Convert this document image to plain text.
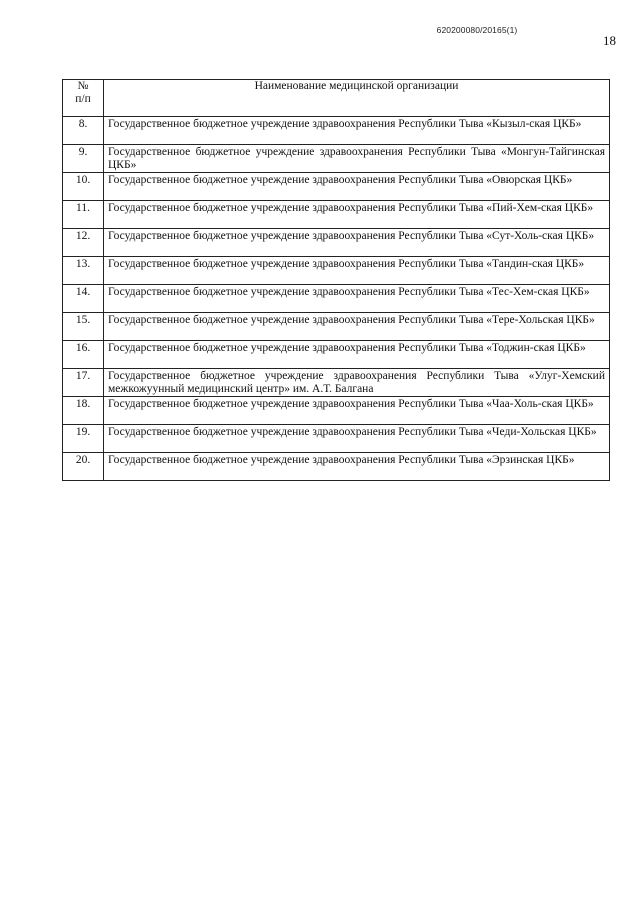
620200080/20165(1)
18
№
п/п	Наименование медицинской организации
8.	Государственное бюджетное учреждение здравоохранения Республики Тыва «Кызыл-ская ЦКБ»
9.	Государственное бюджетное учреждение здравоохранения Республики Тыва «Монгун-Тайгинская ЦКБ»
10.	Государственное бюджетное учреждение здравоохранения Республики Тыва «Овюрская ЦКБ»
11.	Государственное бюджетное учреждение здравоохранения Республики Тыва «Пий-Хем-ская ЦКБ»
12.	Государственное бюджетное учреждение здравоохранения Республики Тыва «Сут-Холь-ская ЦКБ»
13.	Государственное бюджетное учреждение здравоохранения Республики Тыва «Тандин-ская ЦКБ»
14.	Государственное бюджетное учреждение здравоохранения Республики Тыва «Тес-Хем-ская ЦКБ»
15.	Государственное бюджетное учреждение здравоохранения Республики Тыва «Тере-Хольская ЦКБ»
16.	Государственное бюджетное учреждение здравоохранения Республики Тыва «Тоджин-ская ЦКБ»
17.	Государственное бюджетное учреждение здравоохранения Республики Тыва «Улуг-Хемский межкожуунный медицинский центр» им. А.Т. Балгана
18.	Государственное бюджетное учреждение здравоохранения Республики Тыва «Чаа-Холь-ская ЦКБ»
19.	Государственное бюджетное учреждение здравоохранения Республики Тыва «Чеди-Хольская ЦКБ»
20.	Государственное бюджетное учреждение здравоохранения Республики Тыва «Эрзинская ЦКБ»
